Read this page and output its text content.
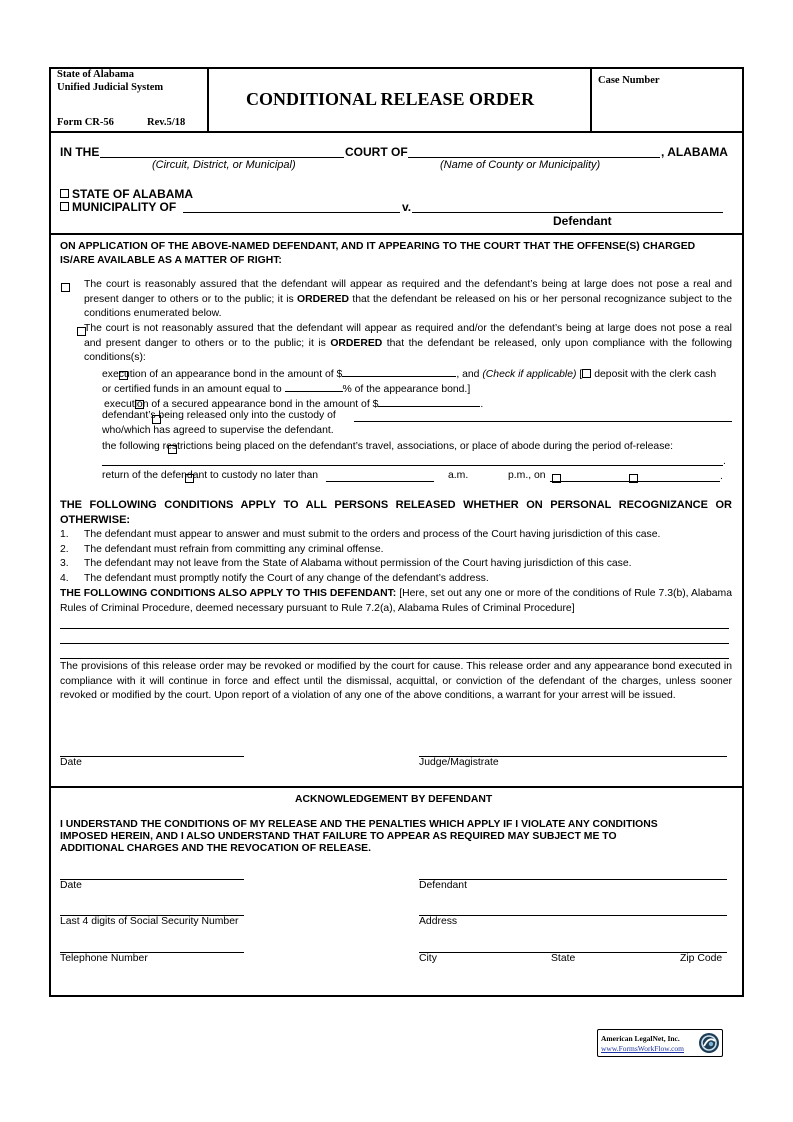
State of Alabama
Unified Judicial System
Form CR-56	Rev.5/18
CONDITIONAL RELEASE ORDER
Case Number
IN THE	COURT OF	, ALABAMA
(Circuit, District, or Municipal)	(Name of County or Municipality)
STATE OF ALABAMA
MUNICIPALITY OF	v.
Defendant
ON APPLICATION OF THE ABOVE-NAMED DEFENDANT, AND IT APPEARING TO THE COURT THAT THE OFFENSE(S) CHARGED
IS/ARE AVAILABLE AS A MATTER OF RIGHT:

The court is reasonably assured that the defendant will appear as required and the defendant’s being at large does not pose a real and present danger to others or to the public; it is ORDERED that the defendant be released on his or her personal recognizance subject to the conditions enumerated below.

The court is not reasonably assured that the defendant will appear as required and/or the defendant’s being at large does not pose a real and present danger to others or to the public; it is ORDERED that the defendant be released, only upon compliance with the following conditions(s):

execution of an appearance bond in the amount of $	, and (Check if applicable) [ deposit with the clerk cash
or certified funds in an amount equal to	% of the appearance bond.]

execution of a secured appearance bond in the amount of $	.

defendant’s being released only into the custody of
who/which has agreed to supervise the defendant.

the following restrictions being placed on the defendant’s travel, associations, or place of abode during the period of-release:
.

return of the defendant to custody no later than
	a.m.	p.m., on	.
THE FOLLOWING CONDITIONS APPLY TO ALL PERSONS RELEASED WHETHER ON PERSONAL RECOGNIZANCE OR
OTHERWISE:
1. The defendant must appear to answer and must submit to the orders and process of the Court having jurisdiction of this case.
2. The defendant must refrain from committing any criminal offense.
3. The defendant may not leave from the State of Alabama without permission of the Court having jurisdiction of this case.
4. The defendant must promptly notify the Court of any change of the defendant’s address.
THE FOLLOWING CONDITIONS ALSO APPLY TO THIS DEFENDANT: [Here, set out any one or more of the conditions of Rule 7.3(b), Alabama Rules of Criminal Procedure, deemed necessary pursuant to Rule 7.2(a), Alabama Rules of Criminal Procedure]
The provisions of this release order may be revoked or modified by the court for cause. This release order and any appearance bond executed in compliance with it will continue in force and effect until the dismissal, acquittal, or conviction of the defendant of the charges, unless sooner revoked or modified by the court. Upon report of a violation of any one of the above conditions, a warrant for your arrest will be issued.
Date	Judge/Magistrate
ACKNOWLEDGEMENT BY DEFENDANT
I UNDERSTAND THE CONDITIONS OF MY RELEASE AND THE PENALTIES WHICH APPLY IF I VIOLATE ANY CONDITIONS
IMPOSED HEREIN, AND I ALSO UNDERSTAND THAT FAILURE TO APPEAR AS REQUIRED MAY SUBJECT ME TO
ADDITIONAL CHARGES AND THE REVOCATION OF RELEASE.
Date	Defendant
Last 4 digits of Social Security Number	Address
Telephone Number	City	State	Zip Code
American LegalNet, Inc.
www.FormsWorkFlow.com
